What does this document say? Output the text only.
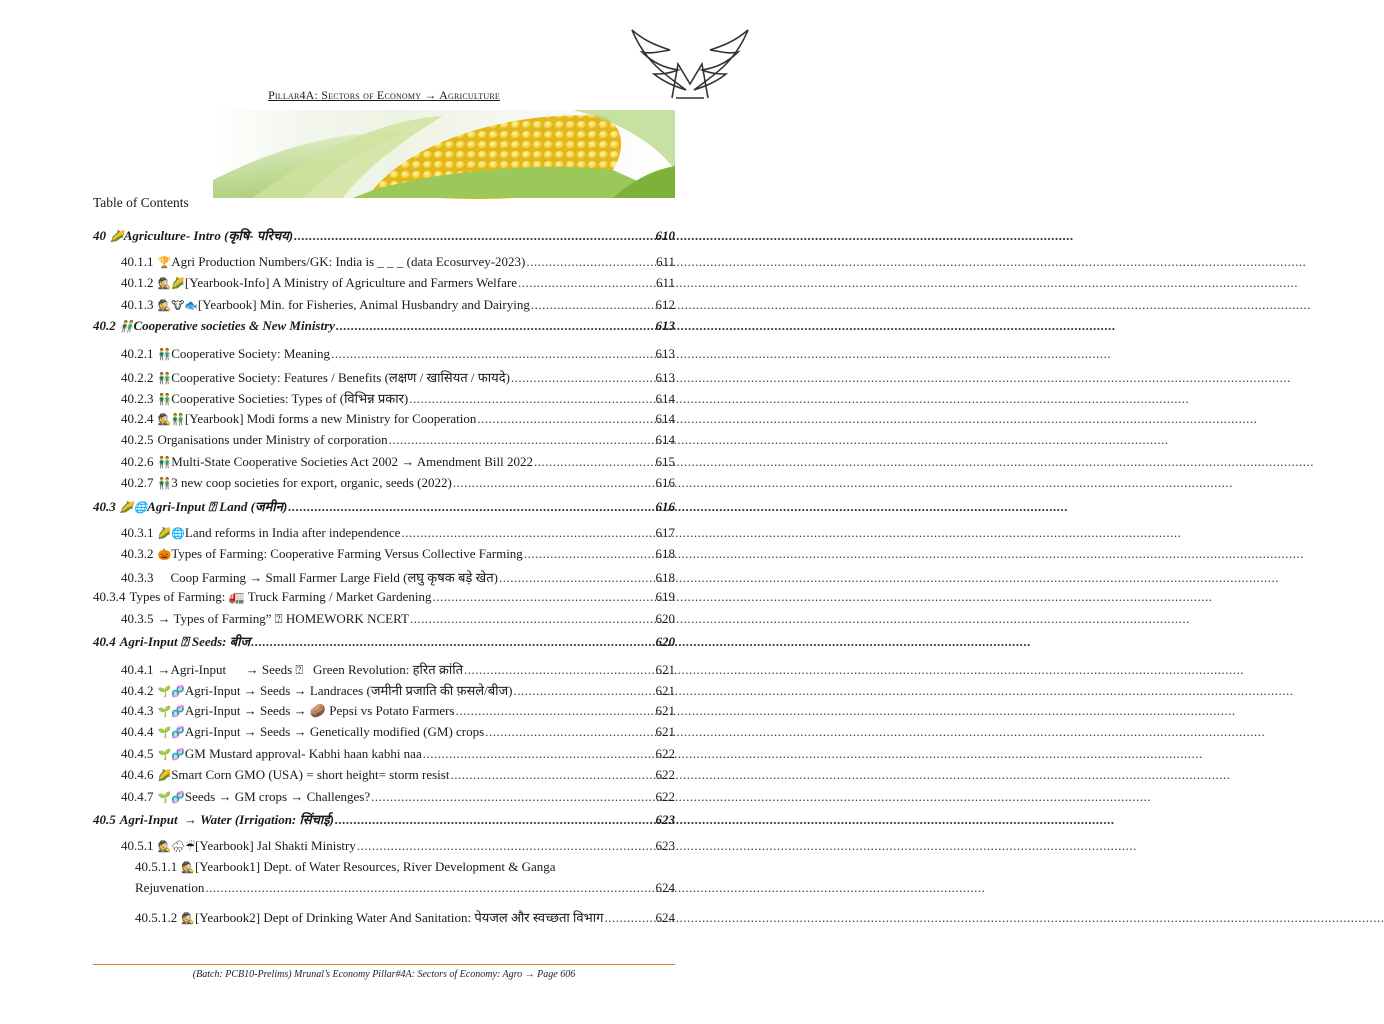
Pillar4A: Sectors of Economy → Agriculture
Table of Contents
40 🌽 Agriculture- Intro (कृषि- परिचय) .....	610
40.1.1 🏆 Agri Production Numbers/GK: India is _ _ _ (data Ecosurvey-2023) .....	611
40.1.2 🕵🌽 [Yearbook-Info] A Ministry of Agriculture and Farmers Welfare .....	611
40.1.3 🕵🐮🐟 [Yearbook] Min. for Fisheries, Animal Husbandry and Dairying .....	612
40.2 👬 Cooperative societies & New Ministry .....	613
40.2.1 👬 Cooperative Society: Meaning .....	613
40.2.2 👬 Cooperative Society: Features / Benefits (लक्षण / खासियत / फायदे) .....	613
40.2.3 👬 Cooperative Societies: Types of (विभिन्न प्रकार) .....	614
40.2.4 🕵👬 [Yearbook] Modi forms a new Ministry for Cooperation .....	614
40.2.5 Organisations under Ministry of corporation .....	614
40.2.6 👬 Multi-State Cooperative Societies Act 2002 → Amendment Bill 2022 .....	615
40.2.7 👬 3 new coop societies for export, organic, seeds (2022) .....	616
40.3 🌽🌐 Agri-Input ⍰ Land (जमीन) .....	616
40.3.1 🌽🌐 Land reforms in India after independence .....	617
40.3.2 🎃 Types of Farming: Cooperative Farming Versus Collective Farming .....	618
40.3.3 Coop Farming → Small Farmer Large Field (लघु कृषक बड़े खेत) .....	618
40.3.4 Types of Farming: 🚛 Truck Farming / Market Gardening .....	619
40.3.5 → Types of Farming” ⍰ HOMEWORK NCERT .....	620
40.4 Agri-Input ⍰ Seeds: बीज .....	620
40.4.1 →Agri-Input      → Seeds ⍰   Green Revolution: हरित क्रांति .....	621
40.4.2 🌱🧬 Agri-Input → Seeds → Landraces (जमीनी प्रजाति की फ़सले/बीज) .....	621
40.4.3 🌱🧬 Agri-Input → Seeds → 🥔 Pepsi vs Potato Farmers .....	621
40.4.4 🌱🧬 Agri-Input → Seeds → Genetically modified (GM) crops .....	621
40.4.5 🌱🧬 GM Mustard approval- Kabhi haan kabhi naa .....	622
40.4.6 🌽 Smart Corn GMO (USA) = short height= storm resist .....	622
40.4.7 🌱🧬 Seeds → GM crops → Challenges? .....	622
40.5 Agri-Input  → Water (Irrigation: सिंचाई) .....	623
40.5.1 🕵🌧☔ [Yearbook] Jal Shakti Ministry .....	623
40.5.1.1 🕵[Yearbook1] Dept. of Water Resources, River Development & Ganga
Rejuvenation .....	624
40.5.1.2 🕵 [Yearbook2] Dept of Drinking Water And Sanitation: पेयजल और स्वच्छता विभाग .....	624
(Batch: PCB10-Prelims) Mrunal’s Economy Pillar#4A: Sectors of Economy: Agro → Page 606
